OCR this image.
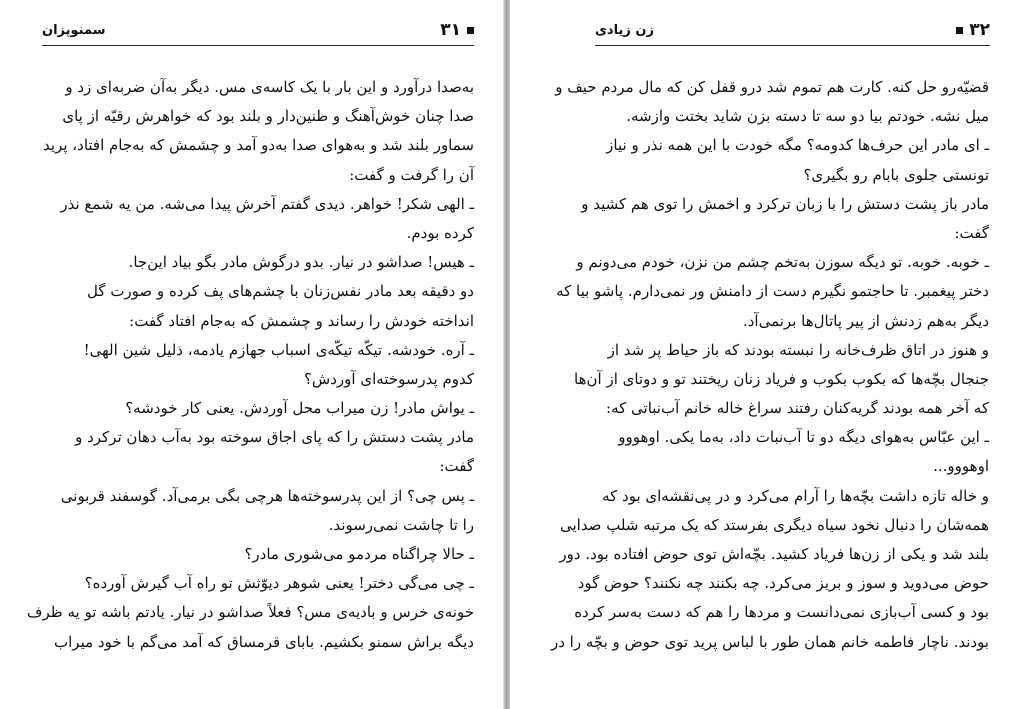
۳۱
سمنوپزان
به‌صدا درآورد و این بار با یک کاسه‌ی مس. دیگر به‌آن ضربه‌ای زد و
صدا چنان خوش‌آهنگ و طنین‌دار و بلند بود که خواهرش رقیّه از پای
سماور بلند شد و به‌هوای صدا به‌دو آمد و چشمش که به‌جام افتاد، پرید
آن را گرفت و گفت:
ـ الهی شکر! خواهر. دیدی گفتم آخرش پیدا می‌شه. من یه شمع نذر
کرده بودم.
ـ هیس! صداشو در نیار. بدو درگوش مادر بگو بیاد این‌جا.
دو دقیقه بعد مادر نفس‌زنان با چشم‌های پف کرده و صورت گل
انداخته خودش را رساند و چشمش که به‌جام افتاد گفت:
ـ آره. خودشه. تیکّه تیکّه‌ی اسباب جهازم یادمه، ذلیل شین الهی!
کدوم پدرسوخته‌ای آوردش؟
ـ یواش مادر! زن میراب محل آوردش. یعنی کار خودشه؟
مادر پشت دستش را که پای اجاق سوخته بود به‌آب دهان ترکرد و
گفت:
ـ پس چی؟ از این پدرسوخته‌ها هرچی بگی برمی‌آد. گوسفند قربونی
را تا چاشت نمی‌رسوند.
ـ حالا چراگناه مردمو می‌شوری مادر؟
ـ چی می‌گی دختر! یعنی شوهر دیوّثش تو راه آب گیرش آورده؟
خونه‌ی خرس و بادیه‌ی مس؟ فعلاً صداشو در نیار. یادتم باشه تو یه ظرف
دیگه براش سمنو بکشیم. بابای قرمساق که آمد می‌گم با خود میراب
۳۲
زن زیادی
قضیّه‌رو حل کنه. کارت هم تموم شد درو قفل کن که مال مردم حیف و
میل نشه. خودتم بیا دو سه تا دسته بزن شاید بختت وازشه.
ـ ای مادر این حرف‌ها کدومه؟ مگه خودت با این همه نذر و نیاز
تونستی جلوی بابام رو بگیری؟
مادر باز پشت دستش را با زبان ترکرد و اخمش را توی هم کشید و
گفت:
ـ خوبه. خوبه. تو دیگه سوزن به‌تخم چشم من نزن، خودم می‌دونم و
دختر پیغمبر. تا حاجتمو نگیرم دست از دامنش ور نمی‌دارم. پاشو بیا که
دیگر به‌هم زدنش از پیر پاتال‌ها برنمی‌آد.
و هنوز در اتاق ظرف‌خانه را نبسته بودند که باز حیاط پر شد از
جنجال بچّه‌ها که بکوب بکوب و فریاد زنان ریختند تو و دوتای از آن‌ها
که آخر همه بودند گریه‌کنان رفتند سراغ خاله خانم آب‌نباتی که:
ـ این عبّاس به‌هوای دیگه دو تا آب‌نبات داد، به‌ما یکی. اوهووو
اوهووو...
و خاله تازه داشت بچّه‌ها را آرام می‌کرد و در پی‌نقشه‌ای بود که
همه‌شان را دنبال نخود سیاه دیگری بفرستد که یک مرتبه شلپ صدایی
بلند شد و یکی از زن‌ها فریاد کشید. بچّه‌اش توی حوض افتاده بود. دور
حوض می‌دوید و سوز و بریز می‌کرد. چه بکنند چه نکنند؟ حوض گود
بود و کسی آب‌بازی نمی‌دانست و مردها را هم که دست به‌سر کرده
بودند. ناچار فاطمه خانم همان طور با لباس پرید توی حوض و بچّه را در
